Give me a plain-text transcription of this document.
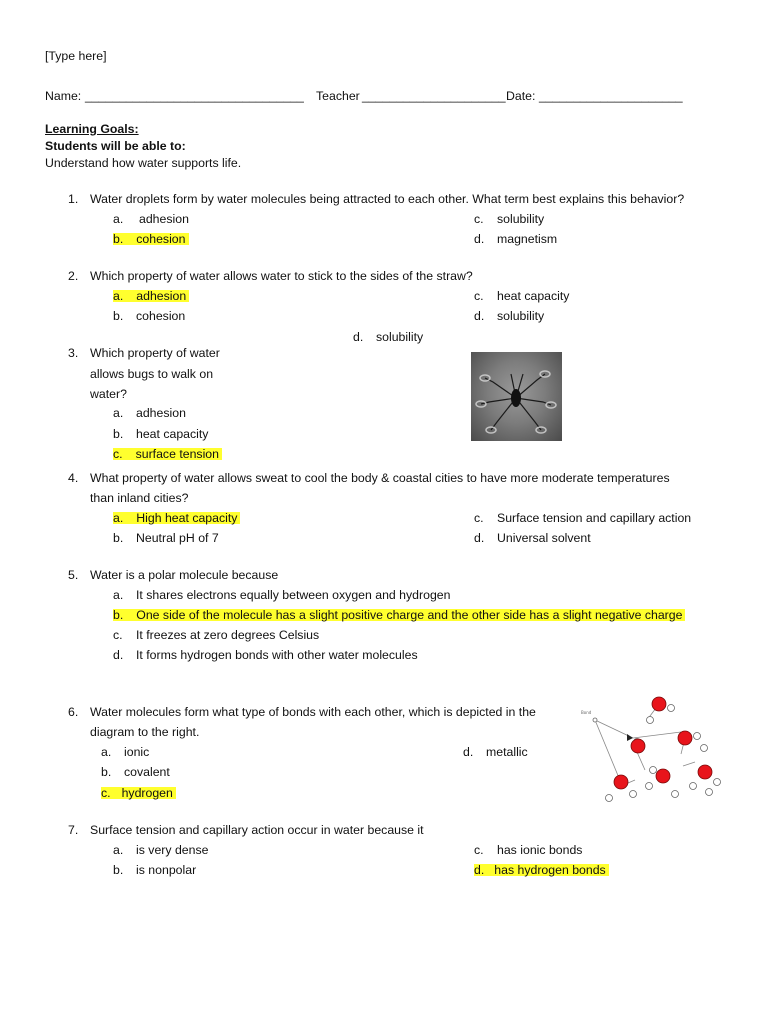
[Type here]
Name: ________________________________ Teacher _____________________ Date: _____________________
Learning Goals:
Students will be able to:
Understand how water supports life.
1. Water droplets form by water molecules being attracted to each other. What term best explains this behavior?
a. adhesion
b. cohesion
c. solubility
d. magnetism
2. Which property of water allows water to stick to the sides of the straw?
a. adhesion
b. cohesion
c. heat capacity
d. solubility
d. solubility
3. Which property of water
allows bugs to walk on
water?
a. adhesion
b. heat capacity
c. surface tension
4. What property of water allows sweat to cool the body & coastal cities to have more moderate temperatures
than inland cities?
a. High heat capacity
b. Neutral pH of 7
c. Surface tension and capillary action
d. Universal solvent
5. Water is a polar molecule because
a. It shares electrons equally between oxygen and hydrogen
b. One side of the molecule has a slight positive charge and the other side has a slight negative charge
c. It freezes at zero degrees Celsius
d. It forms hydrogen bonds with other water molecules
6. Water molecules form what type of bonds with each other, which is depicted in the
diagram to the right.
a. ionic
b. covalent
c. hydrogen
d. metallic
Bond
7. Surface tension and capillary action occur in water because it
a. is very dense
b. is nonpolar
c. has ionic bonds
d. has hydrogen bonds
